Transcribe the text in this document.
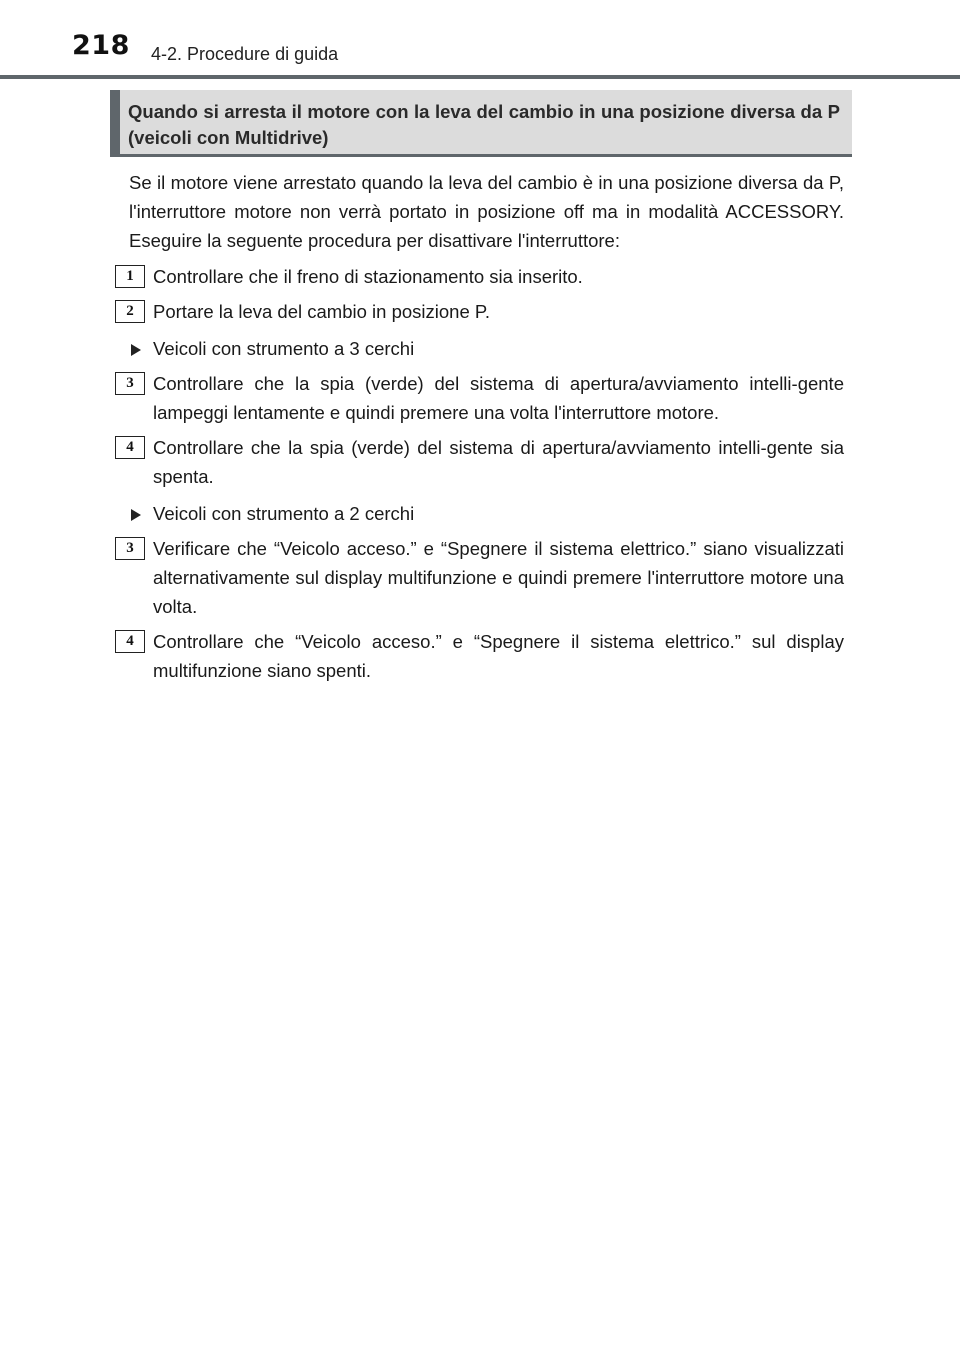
218 4-2. Procedure di guida

Quando si arresta il motore con la leva del cambio in una posizione diversa da P (veicoli con Multidrive)

Se il motore viene arrestato quando la leva del cambio è in una posizione diversa da P, l'interruttore motore non verrà portato in posizione off ma in modalità ACCESSORY. Eseguire la seguente procedura per disattivare l'interruttore:

1	Controllare che il freno di stazionamento sia inserito.
2	Portare la leva del cambio in posizione P.
Veicoli con strumento a 3 cerchi
3	Controllare che la spia (verde) del sistema di apertura/avviamento intelli-gente lampeggi lentamente e quindi premere una volta l'interruttore motore.
4	Controllare che la spia (verde) del sistema di apertura/avviamento intelli-gente sia spenta.
Veicoli con strumento a 2 cerchi
3	Verificare che “Veicolo acceso.” e “Spegnere il sistema elettrico.” siano visualizzati alternativamente sul display multifunzione e quindi premere l'interruttore motore una volta.
4	Controllare che “Veicolo acceso.” e “Spegnere il sistema elettrico.” sul display multifunzione siano spenti.
